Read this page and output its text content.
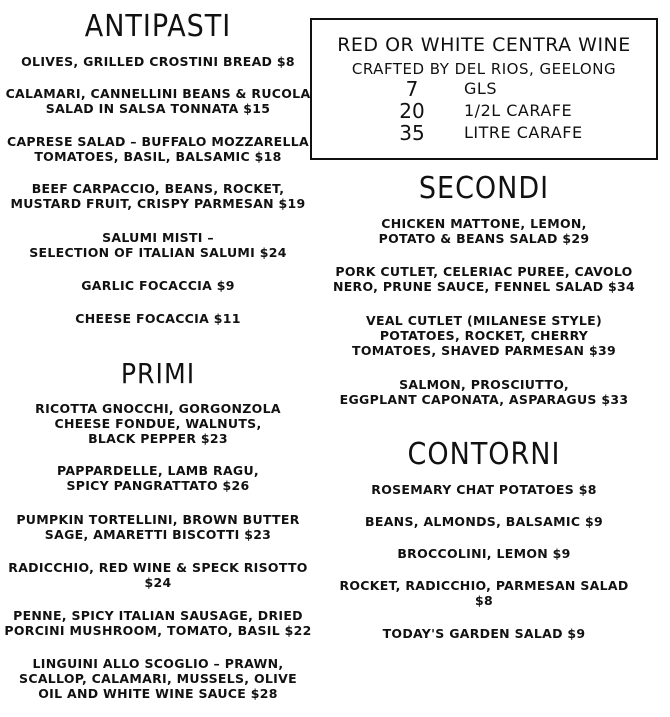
ANTIPASTI
OLIVES, GRILLED CROSTINI BREAD $8
CALAMARI, CANNELLINI BEANS & RUCOLA
SALAD IN SALSA TONNATA $15
CAPRESE SALAD – BUFFALO MOZZARELLA
TOMATOES, BASIL, BALSAMIC $18
BEEF CARPACCIO, BEANS, ROCKET,
MUSTARD FRUIT, CRISPY PARMESAN $19
SALUMI MISTI –
SELECTION OF ITALIAN SALUMI $24
GARLIC FOCACCIA $9
CHEESE FOCACCIA $11
PRIMI
RICOTTA GNOCCHI, GORGONZOLA
CHEESE FONDUE, WALNUTS,
BLACK PEPPER $23
PAPPARDELLE, LAMB RAGU,
SPICY PANGRATTATO $26
PUMPKIN TORTELLINI, BROWN BUTTER
SAGE, AMARETTI BISCOTTI $23
RADICCHIO, RED WINE & SPECK RISOTTO
$24
PENNE, SPICY ITALIAN SAUSAGE, DRIED
PORCINI MUSHROOM, TOMATO, BASIL $22
LINGUINI ALLO SCOGLIO – PRAWN,
SCALLOP, CALAMARI, MUSSELS, OLIVE
OIL AND WHITE WINE SAUCE $28
RED OR WHITE CENTRA WINE
CRAFTED BY DEL RIOS, GEELONG
7	GLS
20	1/2L CARAFE
35	LITRE CARAFE
SECONDI
CHICKEN MATTONE, LEMON,
POTATO & BEANS SALAD $29
PORK CUTLET, CELERIAC PUREE, CAVOLO
NERO, PRUNE SAUCE, FENNEL SALAD $34
VEAL CUTLET (MILANESE STYLE)
POTATOES, ROCKET, CHERRY
TOMATOES, SHAVED PARMESAN $39
SALMON, PROSCIUTTO,
EGGPLANT CAPONATA, ASPARAGUS $33
CONTORNI
ROSEMARY CHAT POTATOES $8
BEANS, ALMONDS, BALSAMIC $9
BROCCOLINI, LEMON $9
ROCKET, RADICCHIO, PARMESAN SALAD
$8
TODAY'S GARDEN SALAD $9
